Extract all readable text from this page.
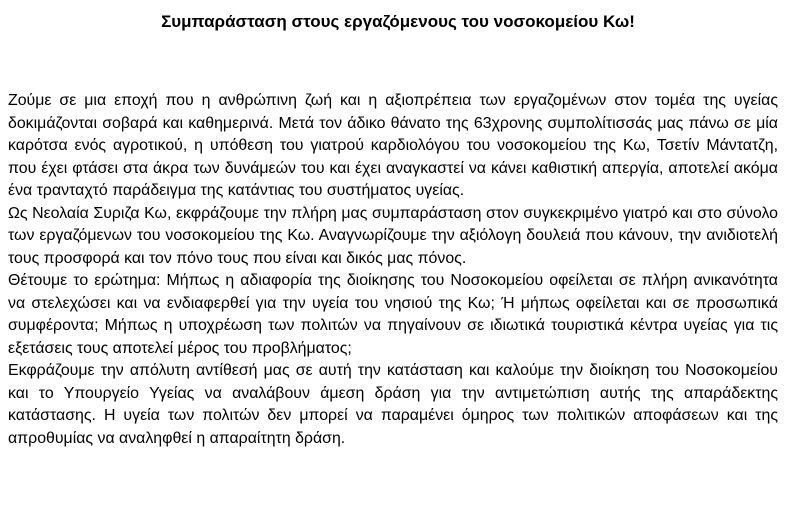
Συμπαράσταση στους εργαζόμενους του νοσοκομείου Κω!

Ζούμε σε μια εποχή που η ανθρώπινη ζωή και η αξιοπρέπεια των εργαζομένων στον τομέα της υγείας δοκιμάζονται σοβαρά και καθημερινά. Μετά τον άδικο θάνατο της 63χρονης συμπολίτισσάς μας πάνω σε μία καρότσα ενός αγροτικού, η υπόθεση του γιατρού καρδιολόγου του νοσοκομείου της Κω, Τσετίν Μάντατζη, που έχει φτάσει στα άκρα των δυνάμεών του και έχει αναγκαστεί να κάνει καθιστική απεργία, αποτελεί ακόμα ένα τρανταχτό παράδειγμα της κατάντιας του συστήματος υγείας.

Ως Νεολαία Συριζα Κω, εκφράζουμε την πλήρη μας συμπαράσταση στον συγκεκριμένο γιατρό και στο σύνολο των εργαζόμενων του νοσοκομείου της Κω. Αναγνωρίζουμε την αξιόλογη δουλειά που κάνουν, την ανιδιοτελή τους προσφορά και τον πόνο τους που είναι και δικός μας πόνος.

Θέτουμε το ερώτημα: Μήπως η αδιαφορία της διοίκησης του Νοσοκομείου οφείλεται σε πλήρη ανικανότητα να στελεχώσει και να ενδιαφερθεί για την υγεία του νησιού της Κω; Ή μήπως οφείλεται και σε προσωπικά συμφέροντα; Μήπως η υποχρέωση των πολιτών να πηγαίνουν σε ιδιωτικά τουριστικά κέντρα υγείας για τις εξετάσεις τους αποτελεί μέρος του προβλήματος;

Εκφράζουμε την απόλυτη αντίθεσή μας σε αυτή την κατάσταση και καλούμε την διοίκηση του Νοσοκομείου και το Υπουργείο Υγείας να αναλάβουν άμεση δράση για την αντιμετώπιση αυτής της απαράδεκτης κατάστασης. Η υγεία των πολιτών δεν μπορεί να παραμένει όμηρος των πολιτικών αποφάσεων και της απροθυμίας να αναληφθεί η απαραίτητη δράση.
